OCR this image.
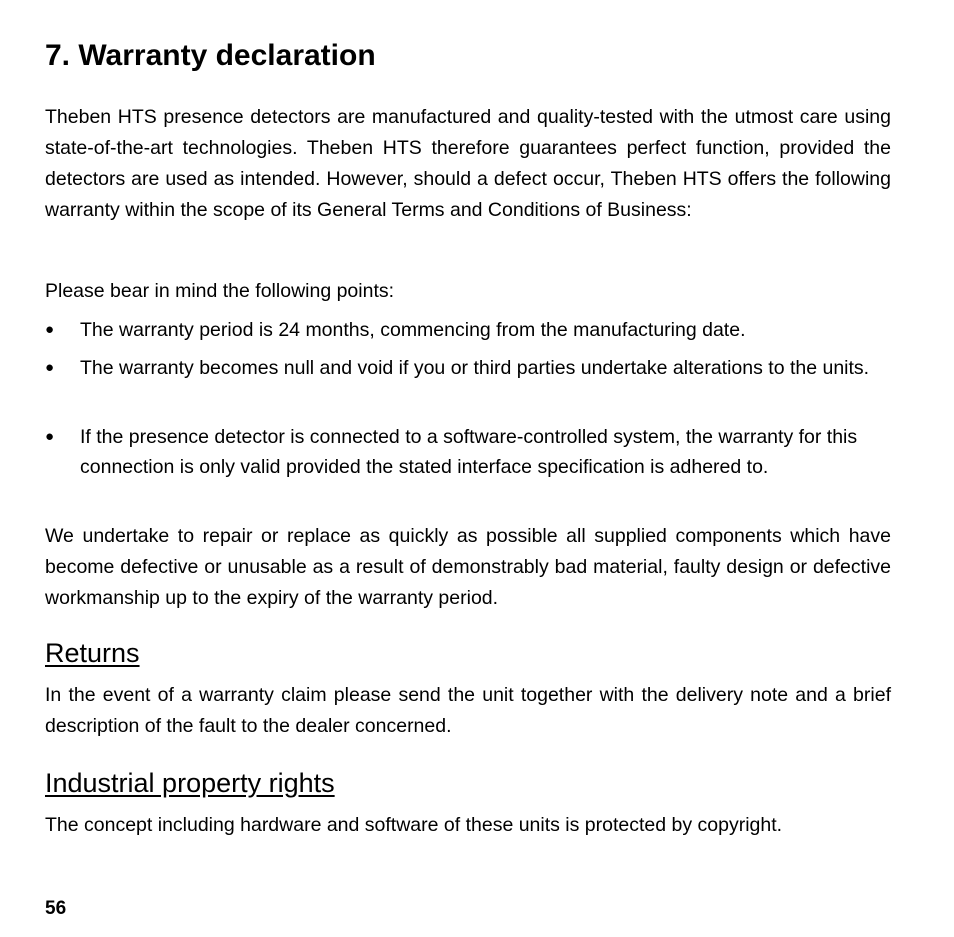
7. Warranty declaration

Theben HTS presence detectors are manufactured and quality-tested with the utmost care using state-of-the-art technologies. Theben HTS therefore guarantees perfect function, provided the detectors are used as intended. However, should a defect occur, Theben HTS offers the following warranty within the scope of its General Terms and Conditions of Business:

Please bear in mind the following points:

● The warranty period is 24 months, commencing from the manufacturing date.
● The warranty becomes null and void if you or third parties undertake alterations to the units.
● If the presence detector is connected to a software-controlled system, the warranty for this connection is only valid provided the stated interface specification is adhered to.

We undertake to repair or replace as quickly as possible all supplied components which have become defective or unusable as a result of demonstrably bad material, faulty design or defective workmanship up to the expiry of the warranty period.

Returns

In the event of a warranty claim please send the unit together with the delivery note and a brief description of the fault to the dealer concerned.

Industrial property rights

The concept including hardware and software of these units is protected by copyright.

56
